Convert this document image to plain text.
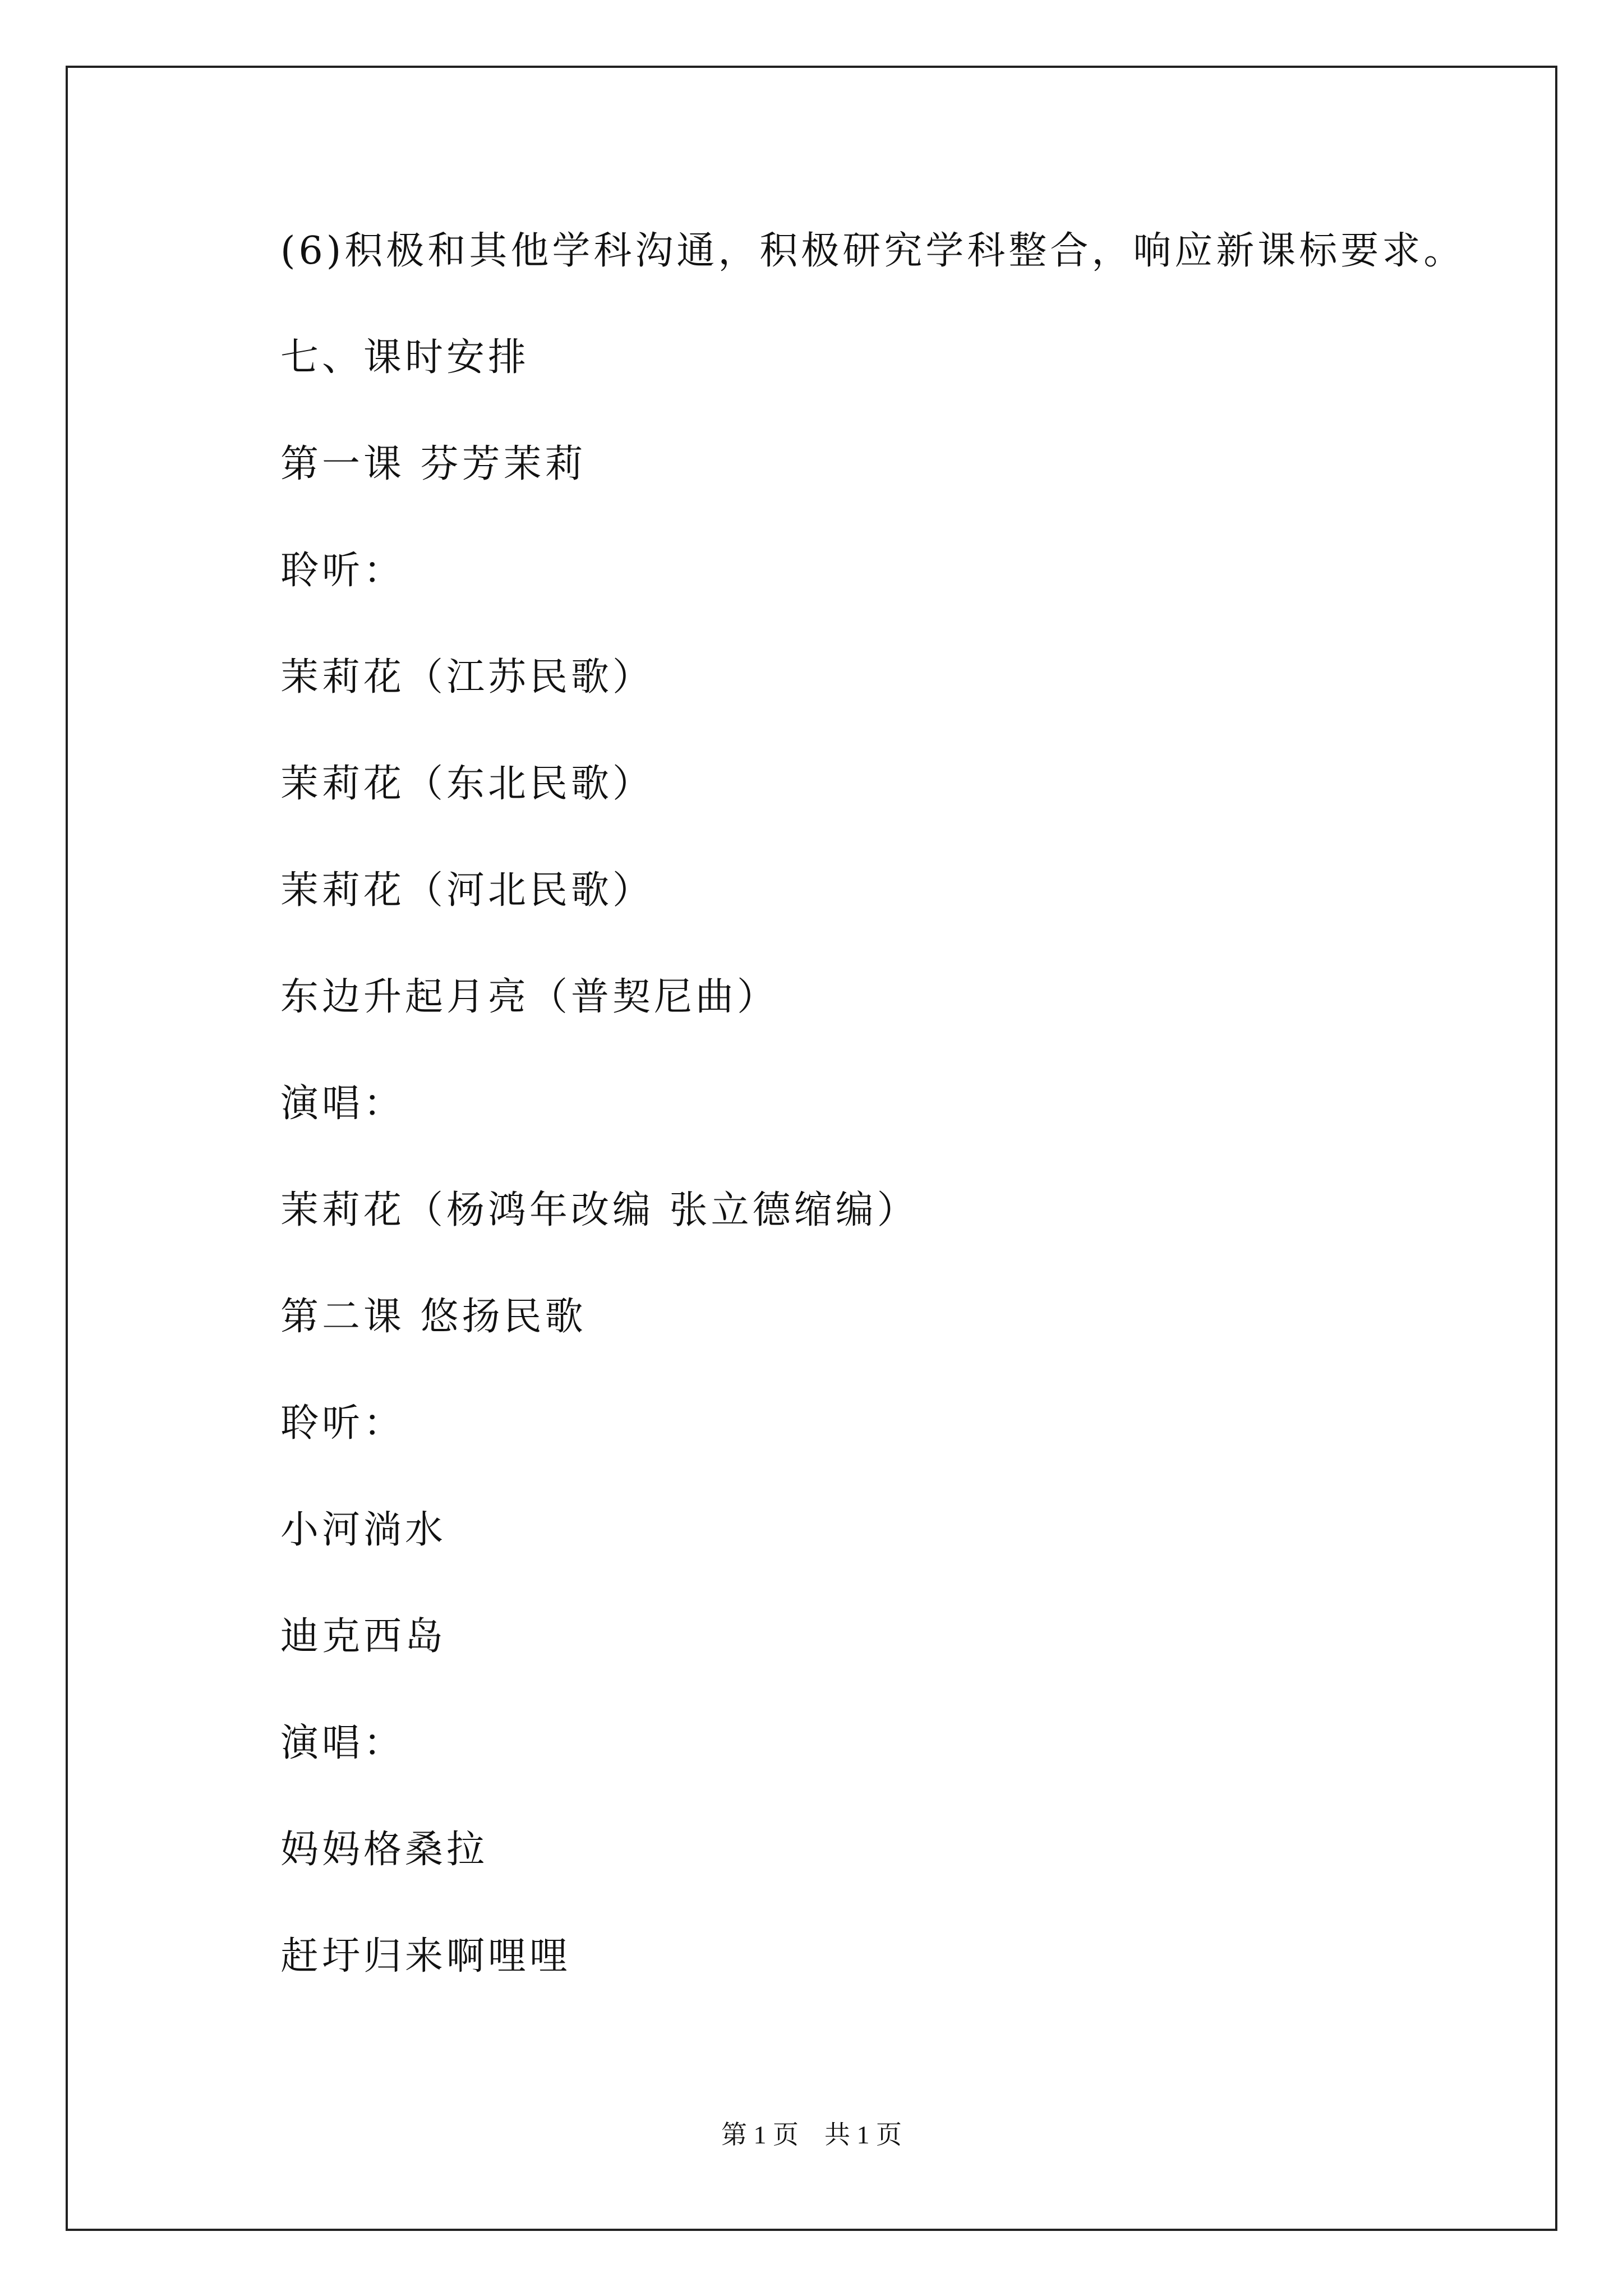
(6)积极和其他学科沟通，积极研究学科整合，响应新课标要求。
七、课时安排
第一课 芬芳茉莉
聆听：
茉莉花（江苏民歌）
茉莉花（东北民歌）
茉莉花（河北民歌）
东边升起月亮（普契尼曲）
演唱：
茉莉花（杨鸿年改编 张立德缩编）
第二课 悠扬民歌
聆听：
小河淌水
迪克西岛
演唱：
妈妈格桑拉
赶圩归来啊哩哩
第 1 页 共 1 页
